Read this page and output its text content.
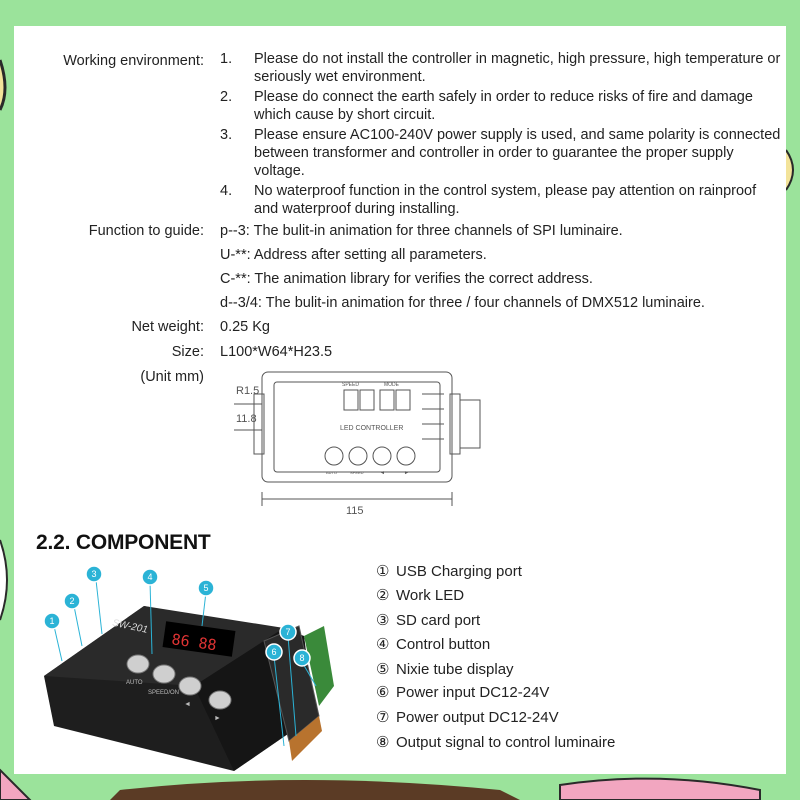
Working environment: 1.	Please do not install the controller in magnetic, high pressure, high temperature or seriously wet environment.
2.	Please do connect the earth safely in order to reduce risks of fire and damage which cause by short circuit.
3.	Please ensure AC100-240V power supply is used, and same polarity is connected between transformer and controller in order to guarantee the proper supply voltage.
4.	No waterproof function in the control system, please pay attention on rainproof and waterproof during installing.
Function to guide: p--3: The bulit-in animation for three channels of SPI luminaire.
U-**: Address after setting all parameters.
C-**: The animation library for verifies the correct address.
d--3/4: The bulit-in animation for three / four channels of DMX512 luminaire.
Net weight: 0.25 Kg
Size: L100*W64*H23.5
(Unit mm)
R1.5
11.8
115
SPEED	MODE
LED CONTROLLER
AUTO	SPEED	◄	►
2.2. COMPONENT
86 88
SW-201
AUTO
SPEED/ON
◄
►
1
2
3	4
5
6
7
8
① USB Charging port
② Work LED
③ SD card port
④ Control button
⑤ Nixie tube display
⑥ Power input DC12-24V
⑦ Power output DC12-24V
⑧ Output signal to control luminaire
